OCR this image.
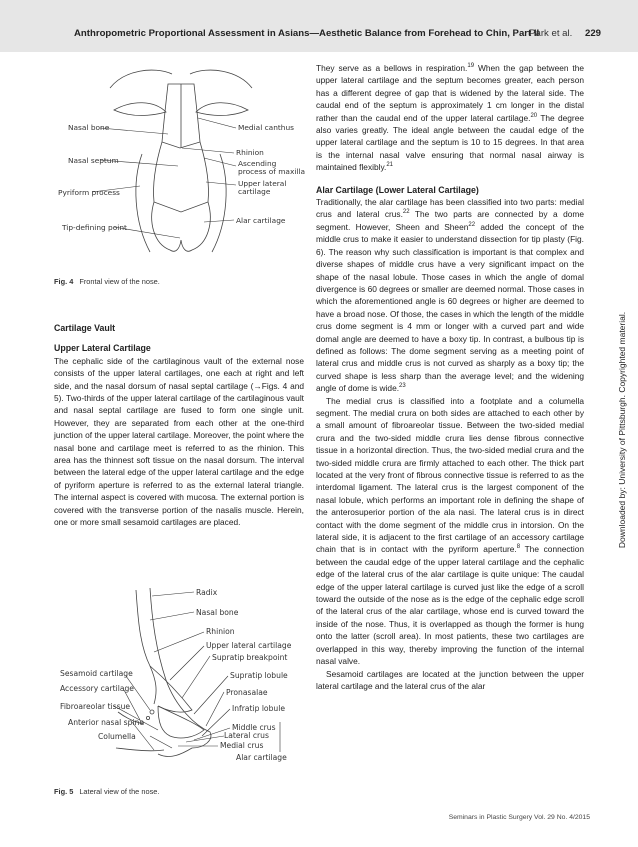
Anthropometric Proportional Assessment in Asians—Aesthetic Balance from Forehead to Chin, Part II
Park et al. 229
Nasal bone	Medial canthus
Rhinion
Nasal septum	Ascending process of maxilla
Pyriform process
Upper lateral cartilage
Alar cartilage
Tip-defining point
Fig. 4 Frontal view of the nose.

Cartilage Vault

Upper Lateral Cartilage

The cephalic side of the cartilaginous vault of the external nose consists of the upper lateral cartilages, one each at right and left side, and the nasal dorsum of nasal septal cartilage (→Figs. 4 and 5). Two-thirds of the upper lateral cartilage of the cartilaginous vault and nasal septal cartilage are fused to form one single unit. However, they are separated from each other at the one-third junction of the upper lateral cartilage. Moreover, the point where the nasal bone and cartilage meet is referred to as the rhinion. This area has the thinnest soft tissue on the nasal dorsum. The interval between the lateral edge of the upper lateral cartilage and the edge of pyriform aperture is referred to as the external lateral triangle. The internal aspect is covered with mucosa. The external portion is covered with the transverse portion of the nasalis muscle. Herein, one or more small sesamoid cartilages are placed.

Radix
Nasal bone
Rhinion
Upper lateral cartilage
Supratip breakpoint
Sesamoid cartilage	Supratip lobule
Accessory cartilage	Pronasalae
Fibroareolar tissue	Infratip lobule
Anterior nasal spine
Middle crus
Lateral crus
Columella
Medial crus
Alar cartilage
Fig. 5 Lateral view of the nose.

They serve as a bellows in respiration.$^{19}$ When the gap between the upper lateral cartilage and the septum becomes greater, each person has a different degree of gap that is widened by the lateral side. The caudal end of the septum is approximately 1 cm longer in the distal rather than the caudal end of the upper lateral cartilage.$^{20}$ The degree also varies greatly. The ideal angle between the caudal edge of the upper lateral cartilage and the septum is 10 to 15 degrees. In that area is the internal nasal valve ensuring that normal nasal airway is maintained flexibly.$^{21}$

Alar Cartilage (Lower Lateral Cartilage)

Traditionally, the alar cartilage has been classified into two parts: medial crus and lateral crus.$^{22}$ The two parts are connected by a dome segment. However, Sheen and Sheen$^{22}$ added the concept of the middle crus to make it easier to understand dissection for tip plasty (Fig. 6). The reason why such classification is important is that complex and diverse shapes of middle crus have a very significant impact on the shape of the nasal lobule. Those cases in which the angle of domal divergence is 60 degrees or smaller are deemed normal. Those cases in which the aforementioned angle is 60 degrees or higher are deemed to have a broad nose. Of those, the cases in which the length of the middle crus dome segment is 4 mm or longer with a curved part and wide domal angle are deemed to have a boxy tip. In contrast, a bulbous tip is defined as follows: The dome segment serving as a meeting point of lateral crus and middle crus is not curved as sharply as a boxy tip; the curved shape is less sharp than the average level; and the widening angle of dome is wide.$^{23}$

The medial crus is classified into a footplate and a columella segment. The medial crura on both sides are attached to each other by a small amount of fibroareolar tissue. Between the two-sided medial crura and the two-sided middle crura lies dense fibrous connective tissue in a horizontal direction. Thus, the two-sided medial crura and the two-sided middle crura are firmly attached to each other. The thick part located at the very front of fibrous connective tissue is referred to as the interdomal ligament. The lateral crus is the largest component of the nasal lobule, which performs an important role in defining the shape of the anterosuperior portion of the ala nasi. The lateral crus is in direct contact with the dome segment of the middle crus in intorsion. On the lateral side, it is adjacent to the first cartilage of an accessory cartilage chain that is in contact with the pyriform aperture.$^8$ The connection between the caudal edge of the upper lateral cartilage and the cephalic edge of the lateral crus of the alar cartilage is quite unique: The caudal edge of the upper lateral cartilage is curved just like the edge of a scroll toward the outside of the nose as is the edge of the cephalic edge scroll of the lateral crus of the alar cartilage, whose end is curved toward the inside of the nose. Thus, it is overlapped as though the former is hung onto the latter (scroll area). In most patients, these two cartilages are overlapped in this way, thereby improving the function of the internal nasal valve.

Sesamoid cartilages are located at the junction between the upper lateral cartilage and the lateral crus of the alar

Downloaded by: University of Pittsburgh. Copyrighted material.
Seminars in Plastic Surgery Vol. 29 No. 4/2015
